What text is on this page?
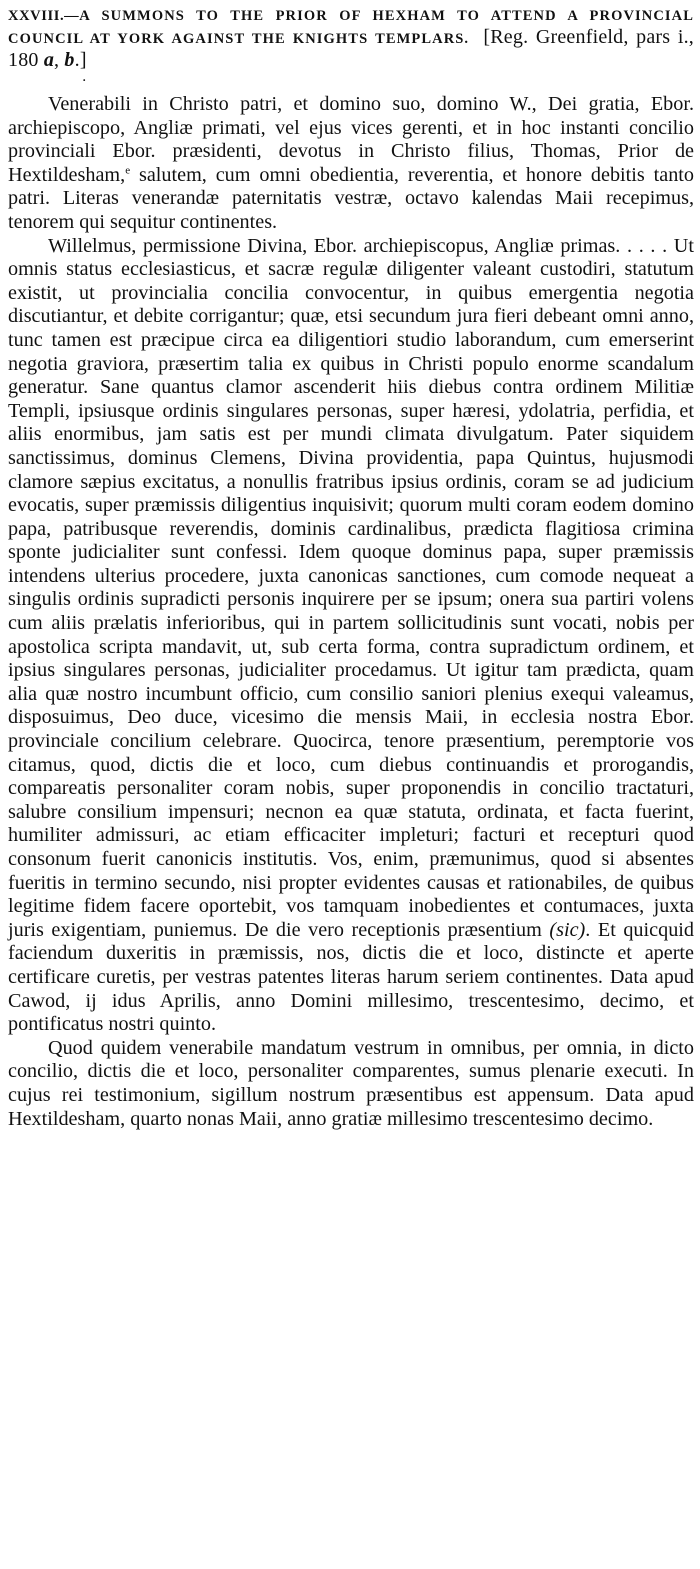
XXVIII.—A SUMMONS TO THE PRIOR OF HEXHAM TO ATTEND A PROVINCIAL COUNCIL AT YORK AGAINST THE KNIGHTS TEMPLARS. [Reg. Greenfield, pars i., 180 a, b.]

·

Venerabili in Christo patri, et domino suo, domino W., Dei gratia, Ebor. archiepiscopo, Angliæ primati, vel ejus vices gerenti, et in hoc instanti concilio provinciali Ebor. præsidenti, devotus in Christo filius, Thomas, Prior de Hextildesham,$^e$ salutem, cum omni obedientia, reverentia, et honore debitis tanto patri. Literas venerandæ paternitatis vestræ, octavo kalendas Maii recepimus, tenorem qui sequitur continentes.

Willelmus, permissione Divina, Ebor. archiepiscopus, Angliæ primas. . . . . Ut omnis status ecclesiasticus, et sacræ regulæ diligenter valeant custodiri, statutum existit, ut provincialia concilia convocentur, in quibus emergentia negotia discutiantur, et debite corrigantur; quæ, etsi secundum jura fieri debeant omni anno, tunc tamen est præcipue circa ea diligentiori studio laborandum, cum emerserint negotia graviora, præsertim talia ex quibus in Christi populo enorme scandalum generatur. Sane quantus clamor ascenderit hiis diebus contra ordinem Militiæ Templi, ipsiusque ordinis singulares personas, super hæresi, ydolatria, perfidia, et aliis enormibus, jam satis est per mundi climata divulgatum. Pater siquidem sanctissimus, dominus Clemens, Divina providentia, papa Quintus, hujusmodi clamore sæpius excitatus, a nonullis fratribus ipsius ordinis, coram se ad judicium evocatis, super præmissis diligentius inquisivit; quorum multi coram eodem domino papa, patribusque reverendis, dominis cardinalibus, prædicta flagitiosa crimina sponte judicialiter sunt confessi. Idem quoque dominus papa, super præmissis intendens ulterius procedere, juxta canonicas sanctiones, cum comode nequeat a singulis ordinis supradicti personis inquirere per se ipsum; onera sua partiri volens cum aliis prælatis inferioribus, qui in partem sollicitudinis sunt vocati, nobis per apostolica scripta mandavit, ut, sub certa forma, contra supradictum ordinem, et ipsius singulares personas, judicialiter procedamus. Ut igitur tam prædicta, quam alia quæ nostro incumbunt officio, cum consilio saniori plenius exequi valeamus, disposuimus, Deo duce, vicesimo die mensis Maii, in ecclesia nostra Ebor. provinciale concilium celebrare. Quocirca, tenore præsentium, peremptorie vos citamus, quod, dictis die et loco, cum diebus continuandis et prorogandis, compareatis personaliter coram nobis, super proponendis in concilio tractaturi, salubre consilium impensuri; necnon ea quæ statuta, ordinata, et facta fuerint, humiliter admissuri, ac etiam efficaciter impleturi; facturi et recepturi quod consonum fuerit canonicis institutis. Vos, enim, præmunimus, quod si absentes fueritis in termino secundo, nisi propter evidentes causas et rationabiles, de quibus legitime fidem facere oportebit, vos tamquam inobedientes et contumaces, juxta juris exigentiam, puniemus. De die vero receptionis præsentium (sic). Et quicquid faciendum duxeritis in præmissis, nos, dictis die et loco, distincte et aperte certificare curetis, per vestras patentes literas harum seriem continentes. Data apud Cawod, ij idus Aprilis, anno Domini millesimo, trescentesimo, decimo, et pontificatus nostri quinto.

Quod quidem venerabile mandatum vestrum in omnibus, per omnia, in dicto concilio, dictis die et loco, personaliter comparentes, sumus plenarie executi. In cujus rei testimonium, sigillum nostrum præsentibus est appensum. Data apud Hextildesham, quarto nonas Maii, anno gratiæ millesimo trescentesimo decimo.
